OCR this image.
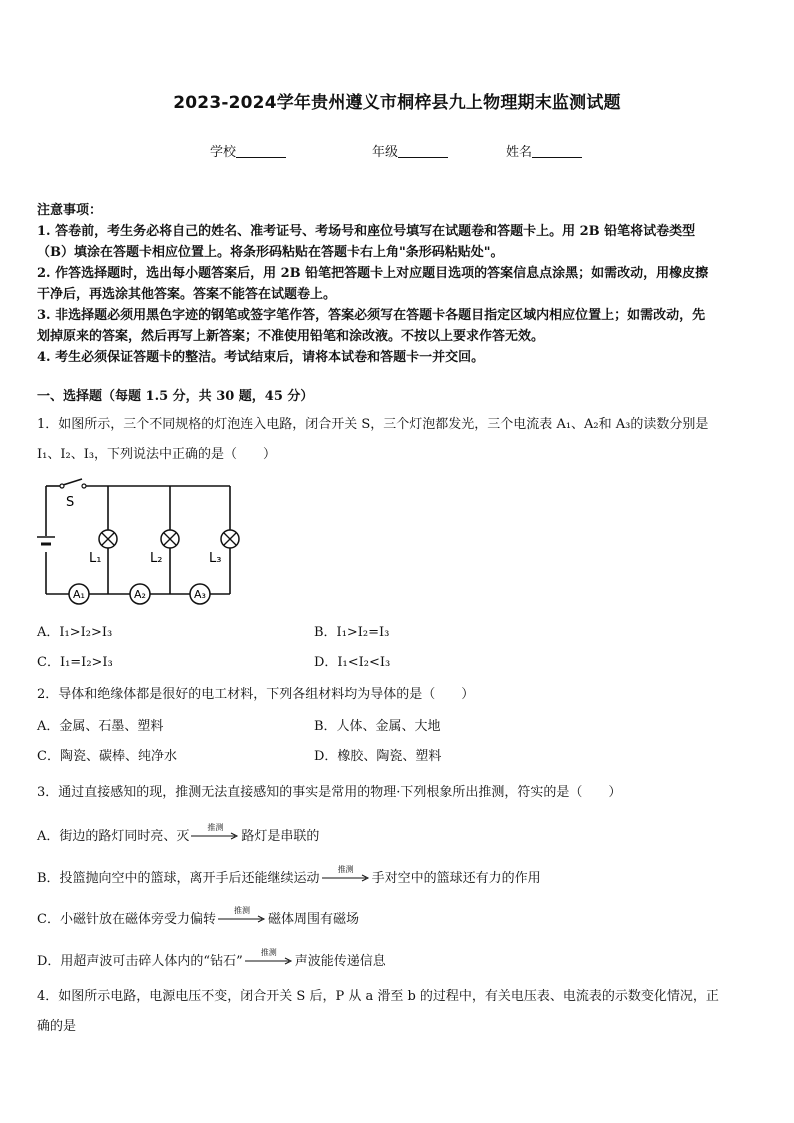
2023-2024学年贵州遵义市桐梓县九上物理期末监测试题
学校	年级	姓名
注意事项：
1. 答卷前，考生务必将自己的姓名、准考证号、考场号和座位号填写在试题卷和答题卡上。用 2B 铅笔将试卷类型
（B）填涂在答题卡相应位置上。将条形码粘贴在答题卡右上角"条形码粘贴处"。
2. 作答选择题时，选出每小题答案后，用 2B 铅笔把答题卡上对应题目选项的答案信息点涂黑；如需改动，用橡皮擦
干净后，再选涂其他答案。答案不能答在试题卷上。
3. 非选择题必须用黑色字迹的钢笔或签字笔作答，答案必须写在答题卡各题目指定区域内相应位置上；如需改动，先
划掉原来的答案，然后再写上新答案；不准使用铅笔和涂改液。不按以上要求作答无效。
4. 考生必须保证答题卡的整洁。考试结束后，请将本试卷和答题卡一并交回。
一、选择题（每题 1.5 分，共 30 题，45 分）
1．如图所示，三个不同规格的灯泡连入电路，闭合开关 S，三个灯泡都发光，三个电流表 A₁、A₂和 A₃的读数分别是
I₁、I₂、I₃，下列说法中正确的是（　　）
S
L₁	L₂	L₃
A₁	A₂	A₃
A．I₁>I₂>I₃	B．I₁>I₂=I₃
C．I₁=I₂>I₃	D．I₁<I₂<I₃
2．导体和绝缘体都是很好的电工材料，下列各组材料均为导体的是（　　）
A．金属、石墨、塑料	B．人体、金属、大地
C．陶瓷、碳棒、纯净水	D．橡胶、陶瓷、塑料
3．通过直接感知的现，推测无法直接感知的事实是常用的物理·下列根象所出推测，符实的是（　　）
A．街边的路灯同时亮、灭
推测
路灯是串联的
B．投篮抛向空中的篮球，离开手后还能继续运动
推测
手对空中的篮球还有力的作用
C．小磁针放在磁体旁受力偏转
推测
磁体周围有磁场
D．用超声波可击碎人体内的“钻石”
推测
声波能传递信息
4．如图所示电路，电源电压不变，闭合开关 S 后，P 从 a 滑至 b 的过程中，有关电压表、电流表的示数变化情况，正
确的是
